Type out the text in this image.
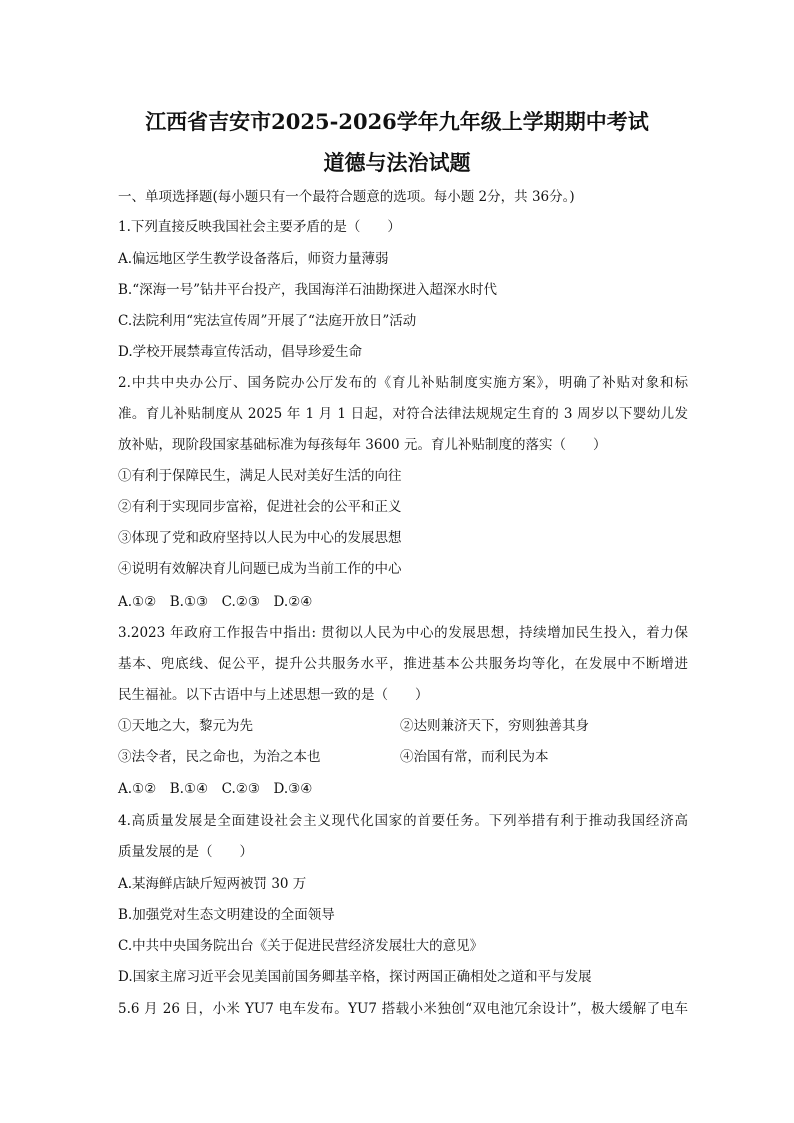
江西省吉安市2025-2026学年九年级上学期期中考试
道德与法治试题

一、单项选择题(每小题只有一个最符合题意的选项。每小题 2分，共 36分。)

1.下列直接反映我国社会主要矛盾的是（　　）

A.偏远地区学生教学设备落后，师资力量薄弱

B.“深海一号”钻井平台投产，我国海洋石油勘探进入超深水时代

C.法院利用“宪法宣传周”开展了“法庭开放日”活动

D.学校开展禁毒宣传活动，倡导珍爱生命

2.中共中央办公厅、国务院办公厅发布的《育儿补贴制度实施方案》，明确了补贴对象和标

准。育儿补贴制度从 2025 年 1 月 1 日起，对符合法律法规规定生育的 3 周岁以下婴幼儿发

放补贴，现阶段国家基础标准为每孩每年 3600 元。育儿补贴制度的落实（　　）

①有利于保障民生，满足人民对美好生活的向往

②有利于实现同步富裕，促进社会的公平和正义

③体现了党和政府坚持以人民为中心的发展思想

④说明有效解决育儿问题已成为当前工作的中心

A.①②　B.①③　C.②③　D.②④

3.2023 年政府工作报告中指出: 贯彻以人民为中心的发展思想，持续增加民生投入，着力保

基本、兜底线、促公平，提升公共服务水平，推进基本公共服务均等化，在发展中不断增进

民生福祉。以下古语中与上述思想一致的是（　　）

①天地之大，黎元为先	②达则兼济天下，穷则独善其身

③法令者，民之命也，为治之本也	④治国有常，而利民为本

A.①②　B.①④　C.②③　D.③④

4.高质量发展是全面建设社会主义现代化国家的首要任务。下列举措有利于推动我国经济高

质量发展的是（　　）

A.某海鲜店缺斤短两被罚 30 万

B.加强党对生态文明建设的全面领导

C.中共中央国务院出台《关于促进民营经济发展壮大的意见》

D.国家主席习近平会见美国前国务卿基辛格，探讨两国正确相处之道和平与发展

5.6 月 26 日，小米 YU7 电车发布。YU7 搭载小米独创“双电池冗余设计”，极大缓解了电车
